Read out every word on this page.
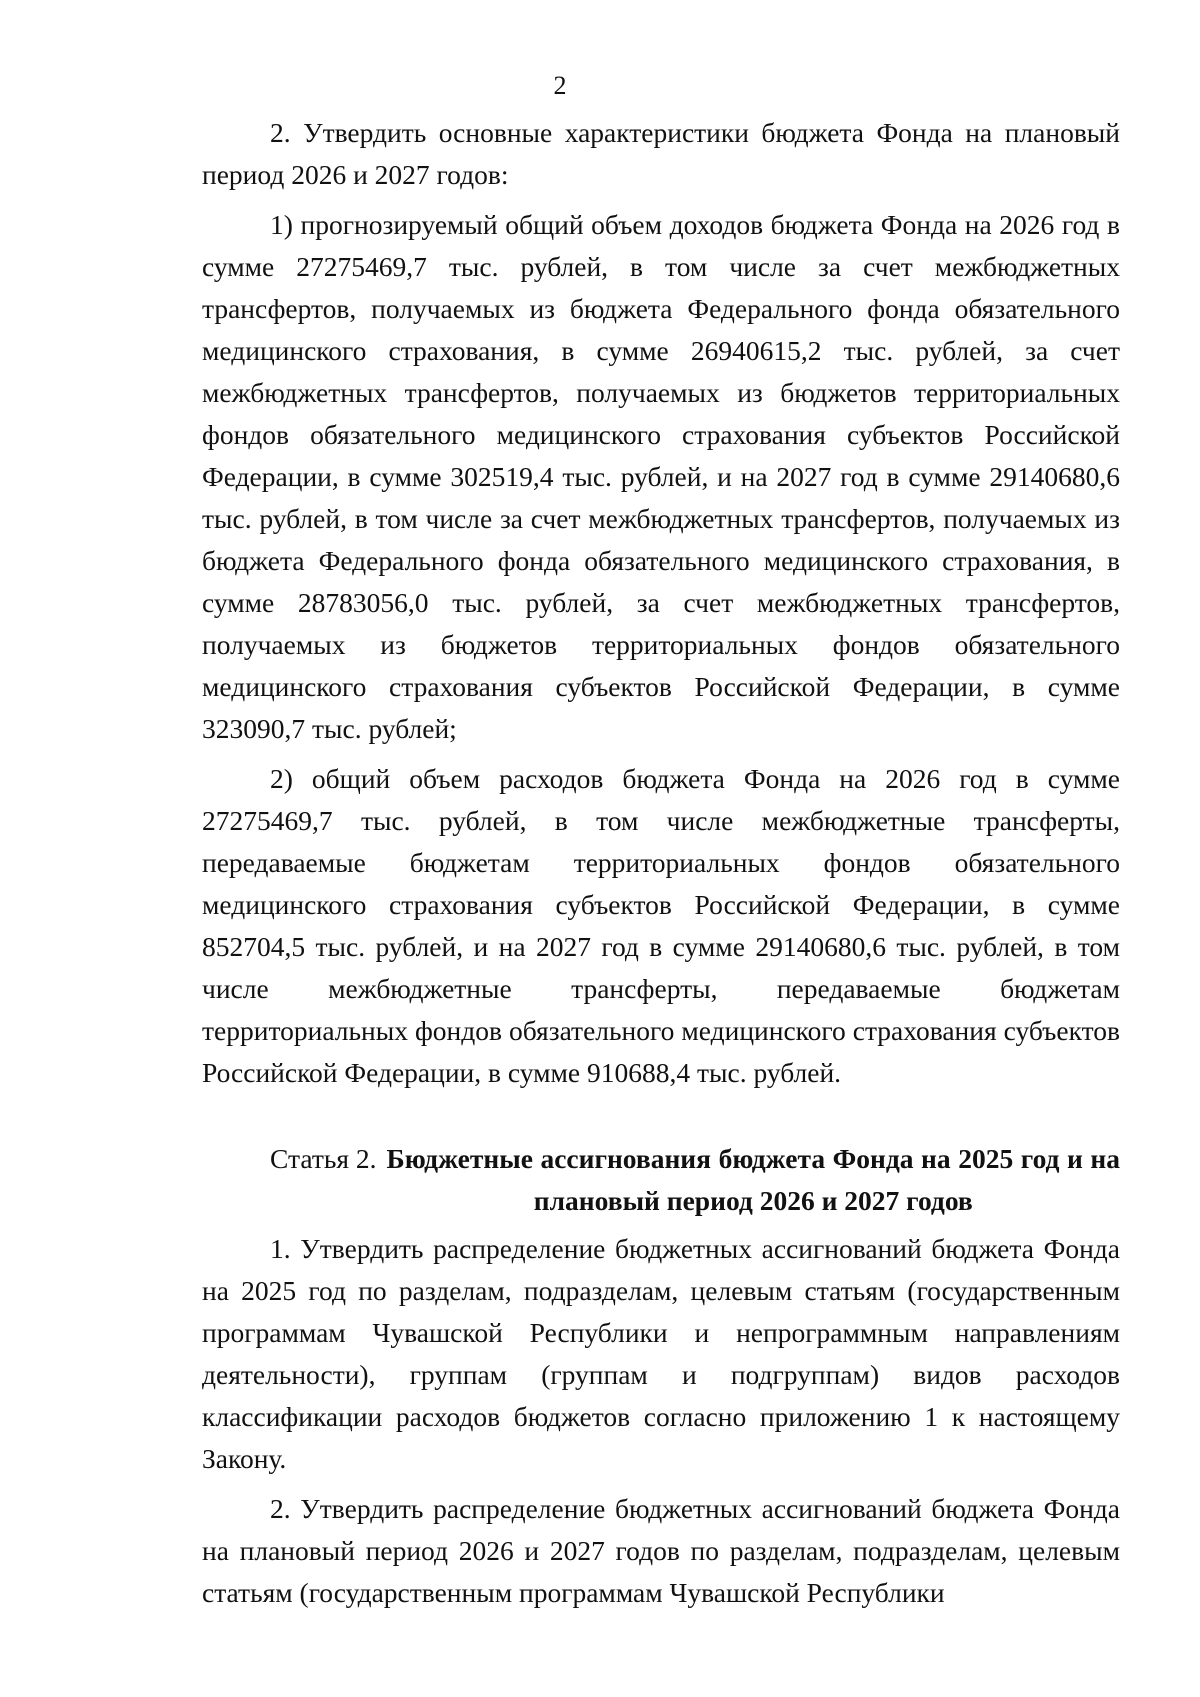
2

2. Утвердить основные характеристики бюджета Фонда на плановый период 2026 и 2027 годов:

1) прогнозируемый общий объем доходов бюджета Фонда на 2026 год в сумме 27275469,7 тыс. рублей, в том числе за счет межбюджетных трансфертов, получаемых из бюджета Федерального фонда обязательного медицинского страхования, в сумме 26940615,2 тыс. рублей, за счет межбюджетных трансфертов, получаемых из бюджетов территориальных фондов обязательного медицинского страхования субъектов Российской Федерации, в сумме 302519,4 тыс. рублей, и на 2027 год в сумме 29140680,6 тыс. рублей, в том числе за счет межбюджетных трансфертов, получаемых из бюджета Федерального фонда обязательного медицинского страхования, в сумме 28783056,0 тыс. рублей, за счет межбюджетных трансфертов, получаемых из бюджетов территориальных фондов обязательного медицинского страхования субъектов Российской Федерации, в сумме 323090,7 тыс. рублей;

2) общий объем расходов бюджета Фонда на 2026 год в сумме 27275469,7 тыс. рублей, в том числе межбюджетные трансферты, передаваемые бюджетам территориальных фондов обязательного медицинского страхования субъектов Российской Федерации, в сумме 852704,5 тыс. рублей, и на 2027 год в сумме 29140680,6 тыс. рублей, в том числе межбюджетные трансферты, передаваемые бюджетам территориальных фондов обязательного медицинского страхования субъектов Российской Федерации, в сумме 910688,4 тыс. рублей.

Статья 2. Бюджетные ассигнования бюджета Фонда на 2025 год и на плановый период 2026 и 2027 годов

1. Утвердить распределение бюджетных ассигнований бюджета Фонда на 2025 год по разделам, подразделам, целевым статьям (государственным программам Чувашской Республики и непрограммным направлениям деятельности), группам (группам и подгруппам) видов расходов классификации расходов бюджетов согласно приложению 1 к настоящему Закону.

2. Утвердить распределение бюджетных ассигнований бюджета Фонда на плановый период 2026 и 2027 годов по разделам, подразделам, целевым статьям (государственным программам Чувашской Республики
